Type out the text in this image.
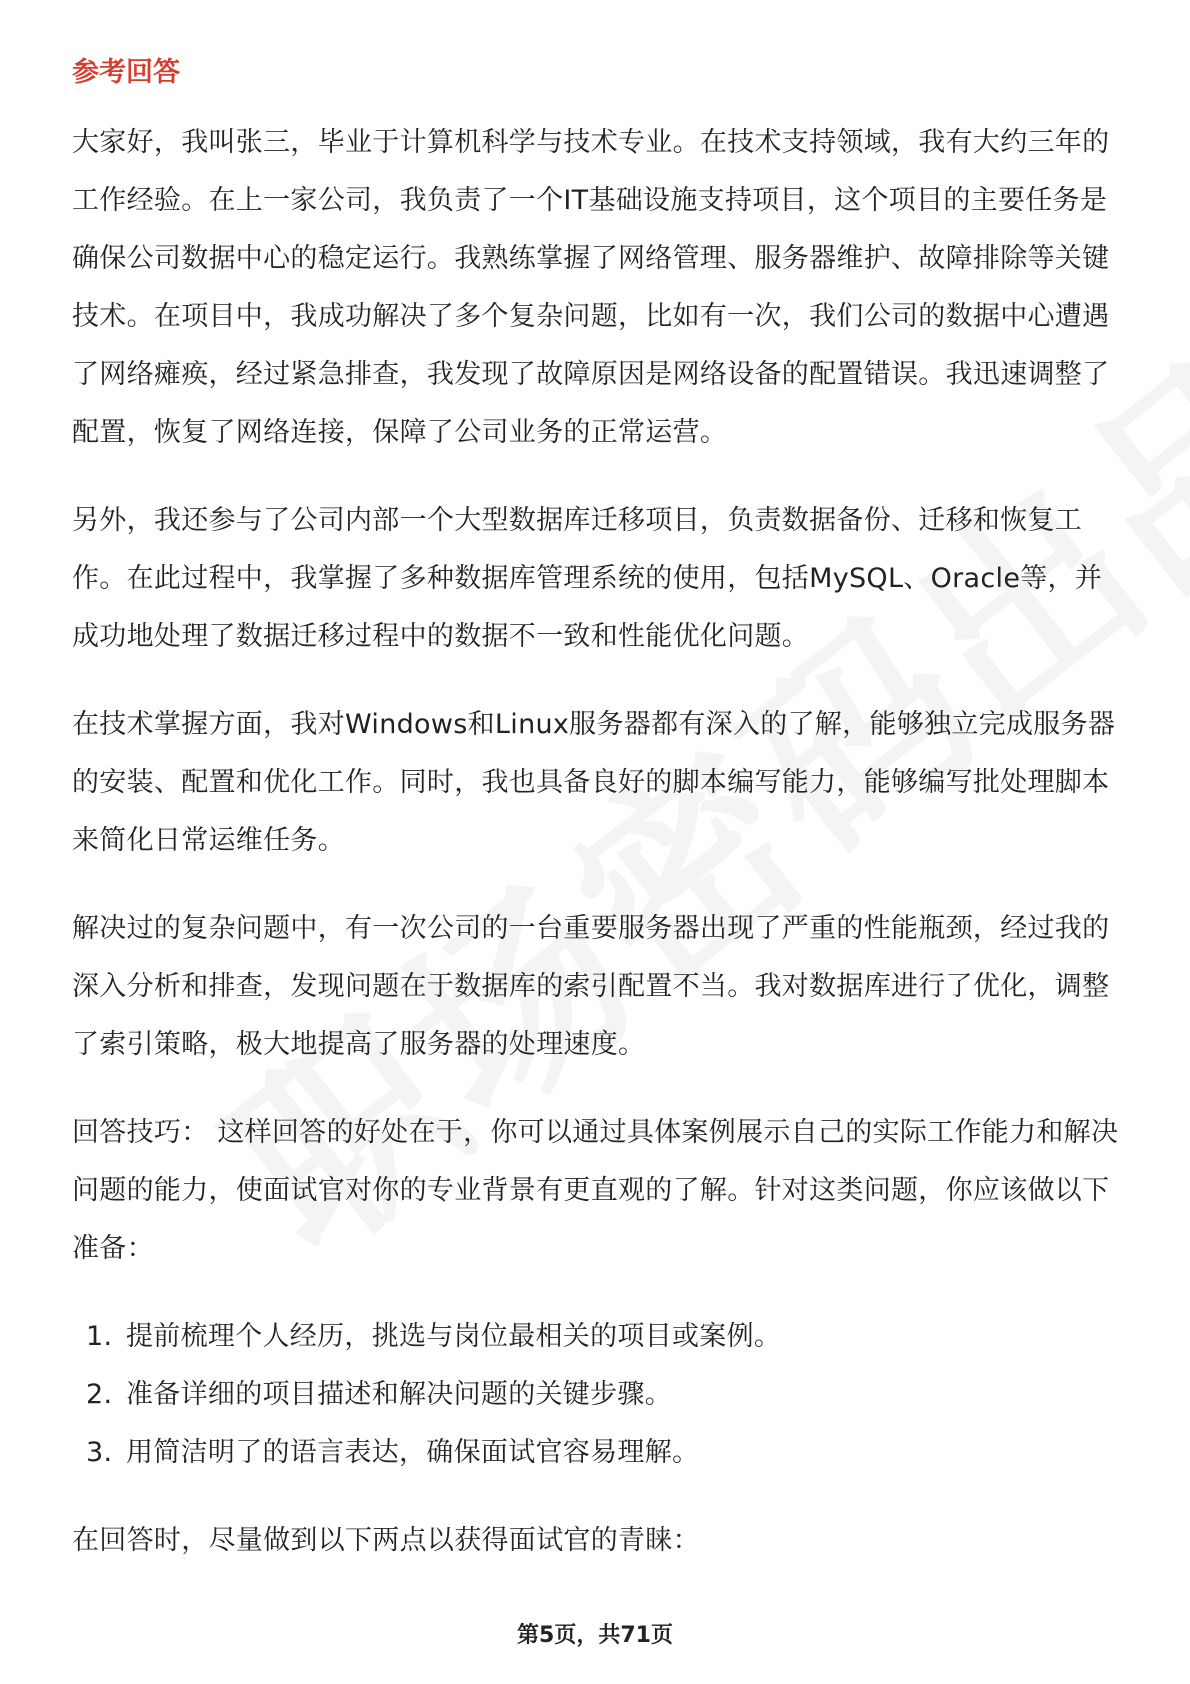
参考回答

大家好，我叫张三，毕业于计算机科学与技术专业。在技术支持领域，我有大约三年的工作经验。在上一家公司，我负责了一个IT基础设施支持项目，这个项目的主要任务是确保公司数据中心的稳定运行。我熟练掌握了网络管理、服务器维护、故障排除等关键技术。在项目中，我成功解决了多个复杂问题，比如有一次，我们公司的数据中心遭遇了网络瘫痪，经过紧急排查，我发现了故障原因是网络设备的配置错误。我迅速调整了配置，恢复了网络连接，保障了公司业务的正常运营。

另外，我还参与了公司内部一个大型数据库迁移项目，负责数据备份、迁移和恢复工作。在此过程中，我掌握了多种数据库管理系统的使用，包括MySQL、Oracle等，并成功地处理了数据迁移过程中的数据不一致和性能优化问题。

在技术掌握方面，我对Windows和Linux服务器都有深入的了解，能够独立完成服务器的安装、配置和优化工作。同时，我也具备良好的脚本编写能力，能够编写批处理脚本来简化日常运维任务。

解决过的复杂问题中，有一次公司的一台重要服务器出现了严重的性能瓶颈，经过我的深入分析和排查，发现问题在于数据库的索引配置不当。我对数据库进行了优化，调整了索引策略，极大地提高了服务器的处理速度。

回答技巧： 这样回答的好处在于，你可以通过具体案例展示自己的实际工作能力和解决问题的能力，使面试官对你的专业背景有更直观的了解。针对这类问题，你应该做以下准备：

1. 提前梳理个人经历，挑选与岗位最相关的项目或案例。
2. 准备详细的项目描述和解决问题的关键步骤。
3. 用简洁明了的语言表达，确保面试官容易理解。

在回答时，尽量做到以下两点以获得面试官的青睐：

第5页，共71页
